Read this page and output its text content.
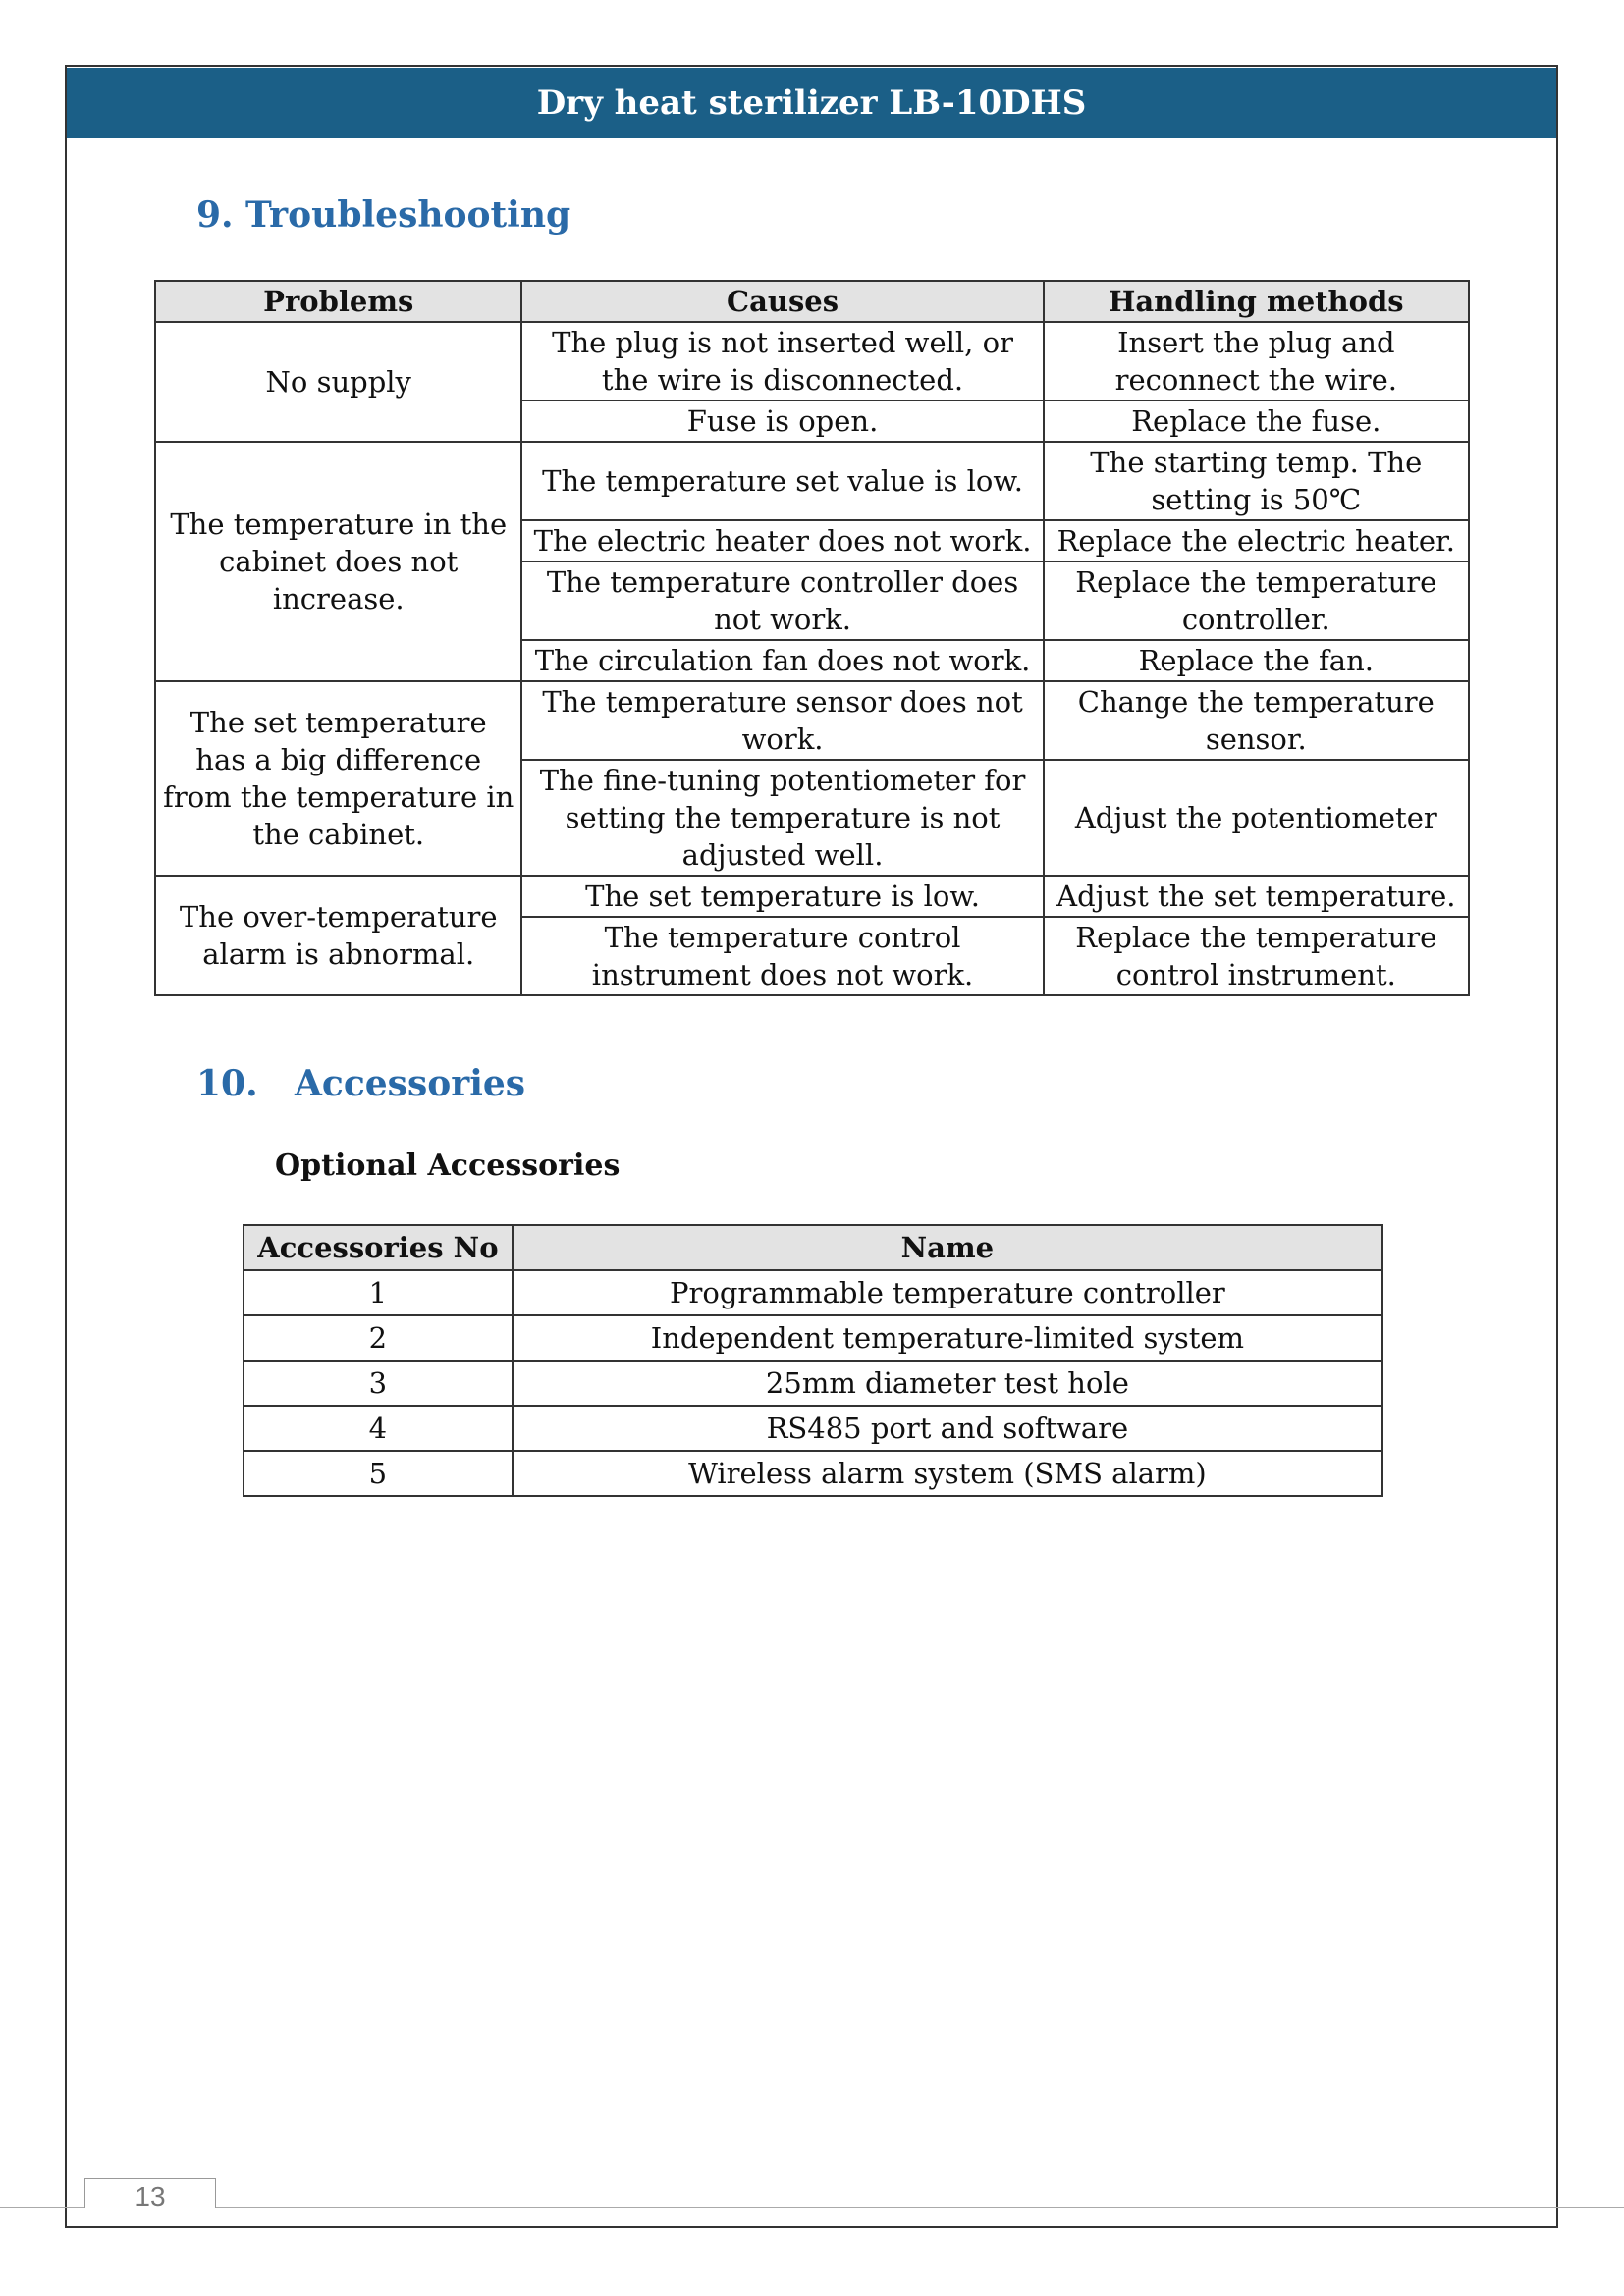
Dry heat sterilizer LB-10DHS
9. Troubleshooting
Problems	Causes	Handling methods
No supply	The plug is not inserted well, or the wire is disconnected.	Insert the plug and reconnect the wire.
	Fuse is open.	Replace the fuse.
The temperature in the cabinet does not increase.	The temperature set value is low.	The starting temp. The setting is 50℃
	The electric heater does not work.	Replace the electric heater.
	The temperature controller does not work.	Replace the temperature controller.
	The circulation fan does not work.	Replace the fan.
The set temperature has a big difference from the temperature in the cabinet.	The temperature sensor does not work.	Change the temperature sensor.
	The fine-tuning potentiometer for setting the temperature is not adjusted well.	Adjust the potentiometer
The over-temperature alarm is abnormal.	The set temperature is low.	Adjust the set temperature.
	The temperature control instrument does not work.	Replace the temperature control instrument.
10. Accessories
Optional Accessories
Accessories No	Name
1	Programmable temperature controller
2	Independent temperature-limited system
3	25mm diameter test hole
4	RS485 port and software
5	Wireless alarm system (SMS alarm)
13
